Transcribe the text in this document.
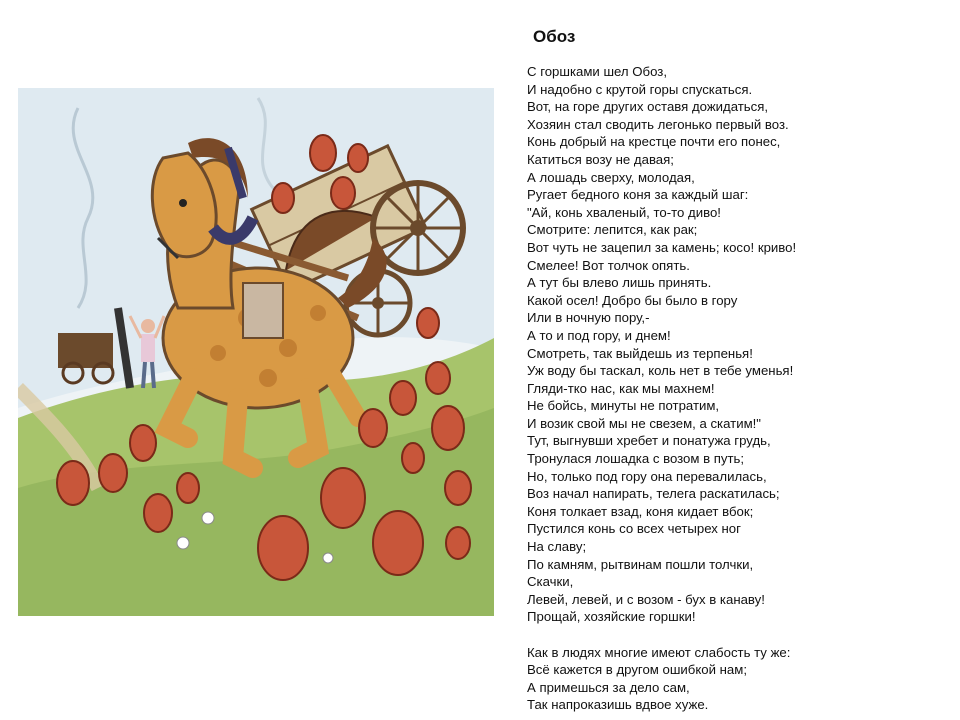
Обоз
С горшками шел Обоз,
И надобно с крутой горы спускаться.
Вот, на горе других оставя дожидаться,
Хозяин стал сводить легонько первый воз.
Конь добрый на крестце почти его понес,
Катиться возу не давая;
А лошадь сверху, молодая,
Ругает бедного коня за каждый шаг:
"Ай, конь хваленый, то-то диво!
Смотрите: лепится, как рак;
Вот чуть не зацепил за камень; косо! криво!
Смелее! Вот толчок опять.
А тут бы влево лишь принять.
Какой осел! Добро бы было в гору
Или в ночную пору,-
А то и под гору, и днем!
Смотреть, так выйдешь из терпенья!
Уж воду бы таскал, коль нет в тебе уменья!
Гляди-тко нас, как мы махнем!
Не бойсь, минуты не потратим,
И возик свой мы не свезем, а скатим!"
Тут, выгнувши хребет и понатужа грудь,
Тронулася лошадка с возом в путь;
Но, только под гору она перевалилась,
Воз начал напирать, телега раскатилась;
Коня толкает взад, коня кидает вбок;
Пустился конь со всех четырех ног
На славу;
По камням, рытвинам пошли толчки,
Скачки,
Левей, левей, и с возом - бух в канаву!
Прощай, хозяйские горшки!
Как в людях многие имеют слабость ту же:
Всё кажется в другом ошибкой нам;
А примешься за дело сам,
Так напроказишь вдвое хуже.
